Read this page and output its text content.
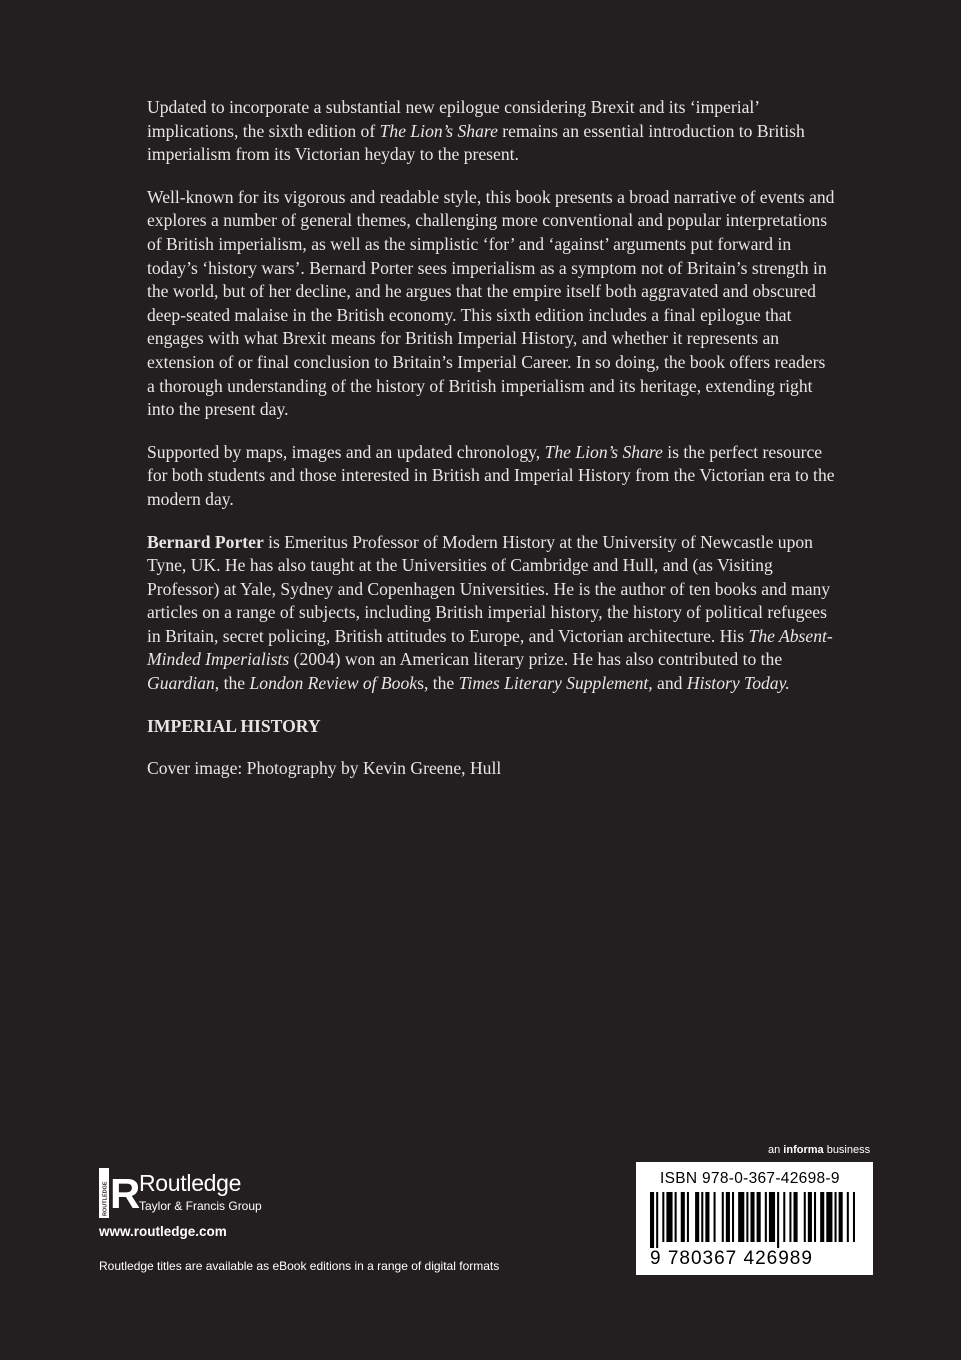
Updated to incorporate a substantial new epilogue considering Brexit and its ‘imperial’ implications, the sixth edition of The Lion’s Share remains an essential introduction to British imperialism from its Victorian heyday to the present.

Well-known for its vigorous and readable style, this book presents a broad narrative of events and explores a number of general themes, challenging more conventional and popular interpretations of British imperialism, as well as the simplistic ‘for’ and ‘against’ arguments put forward in today’s ‘history wars’. Bernard Porter sees imperialism as a symptom not of Britain’s strength in the world, but of her decline, and he argues that the empire itself both aggravated and obscured deep-seated malaise in the British economy. This sixth edition includes a final epilogue that engages with what Brexit means for British Imperial History, and whether it represents an extension of or final conclusion to Britain’s Imperial Career. In so doing, the book offers readers a thorough understanding of the history of British imperialism and its heritage, extending right into the present day.

Supported by maps, images and an updated chronology, The Lion’s Share is the perfect resource for both students and those interested in British and Imperial History from the Victorian era to the modern day.

Bernard Porter is Emeritus Professor of Modern History at the University of Newcastle upon Tyne, UK. He has also taught at the Universities of Cambridge and Hull, and (as Visiting Professor) at Yale, Sydney and Copenhagen Universities. He is the author of ten books and many articles on a range of subjects, including British imperial history, the history of political refugees in Britain, secret policing, British attitudes to Europe, and Victorian architecture. His The Absent-Minded Imperialists (2004) won an American literary prize. He has also contributed to the Guardian, the London Review of Books, the Times Literary Supplement, and History Today.

IMPERIAL HISTORY

Cover image: Photography by Kevin Greene, Hull

an informa business
ISBN 978-0-367-42698-9
9 780367 426989
ROUTLEDGE R
Routledge
Taylor & Francis Group
www.routledge.com
Routledge titles are available as eBook editions in a range of digital formats
